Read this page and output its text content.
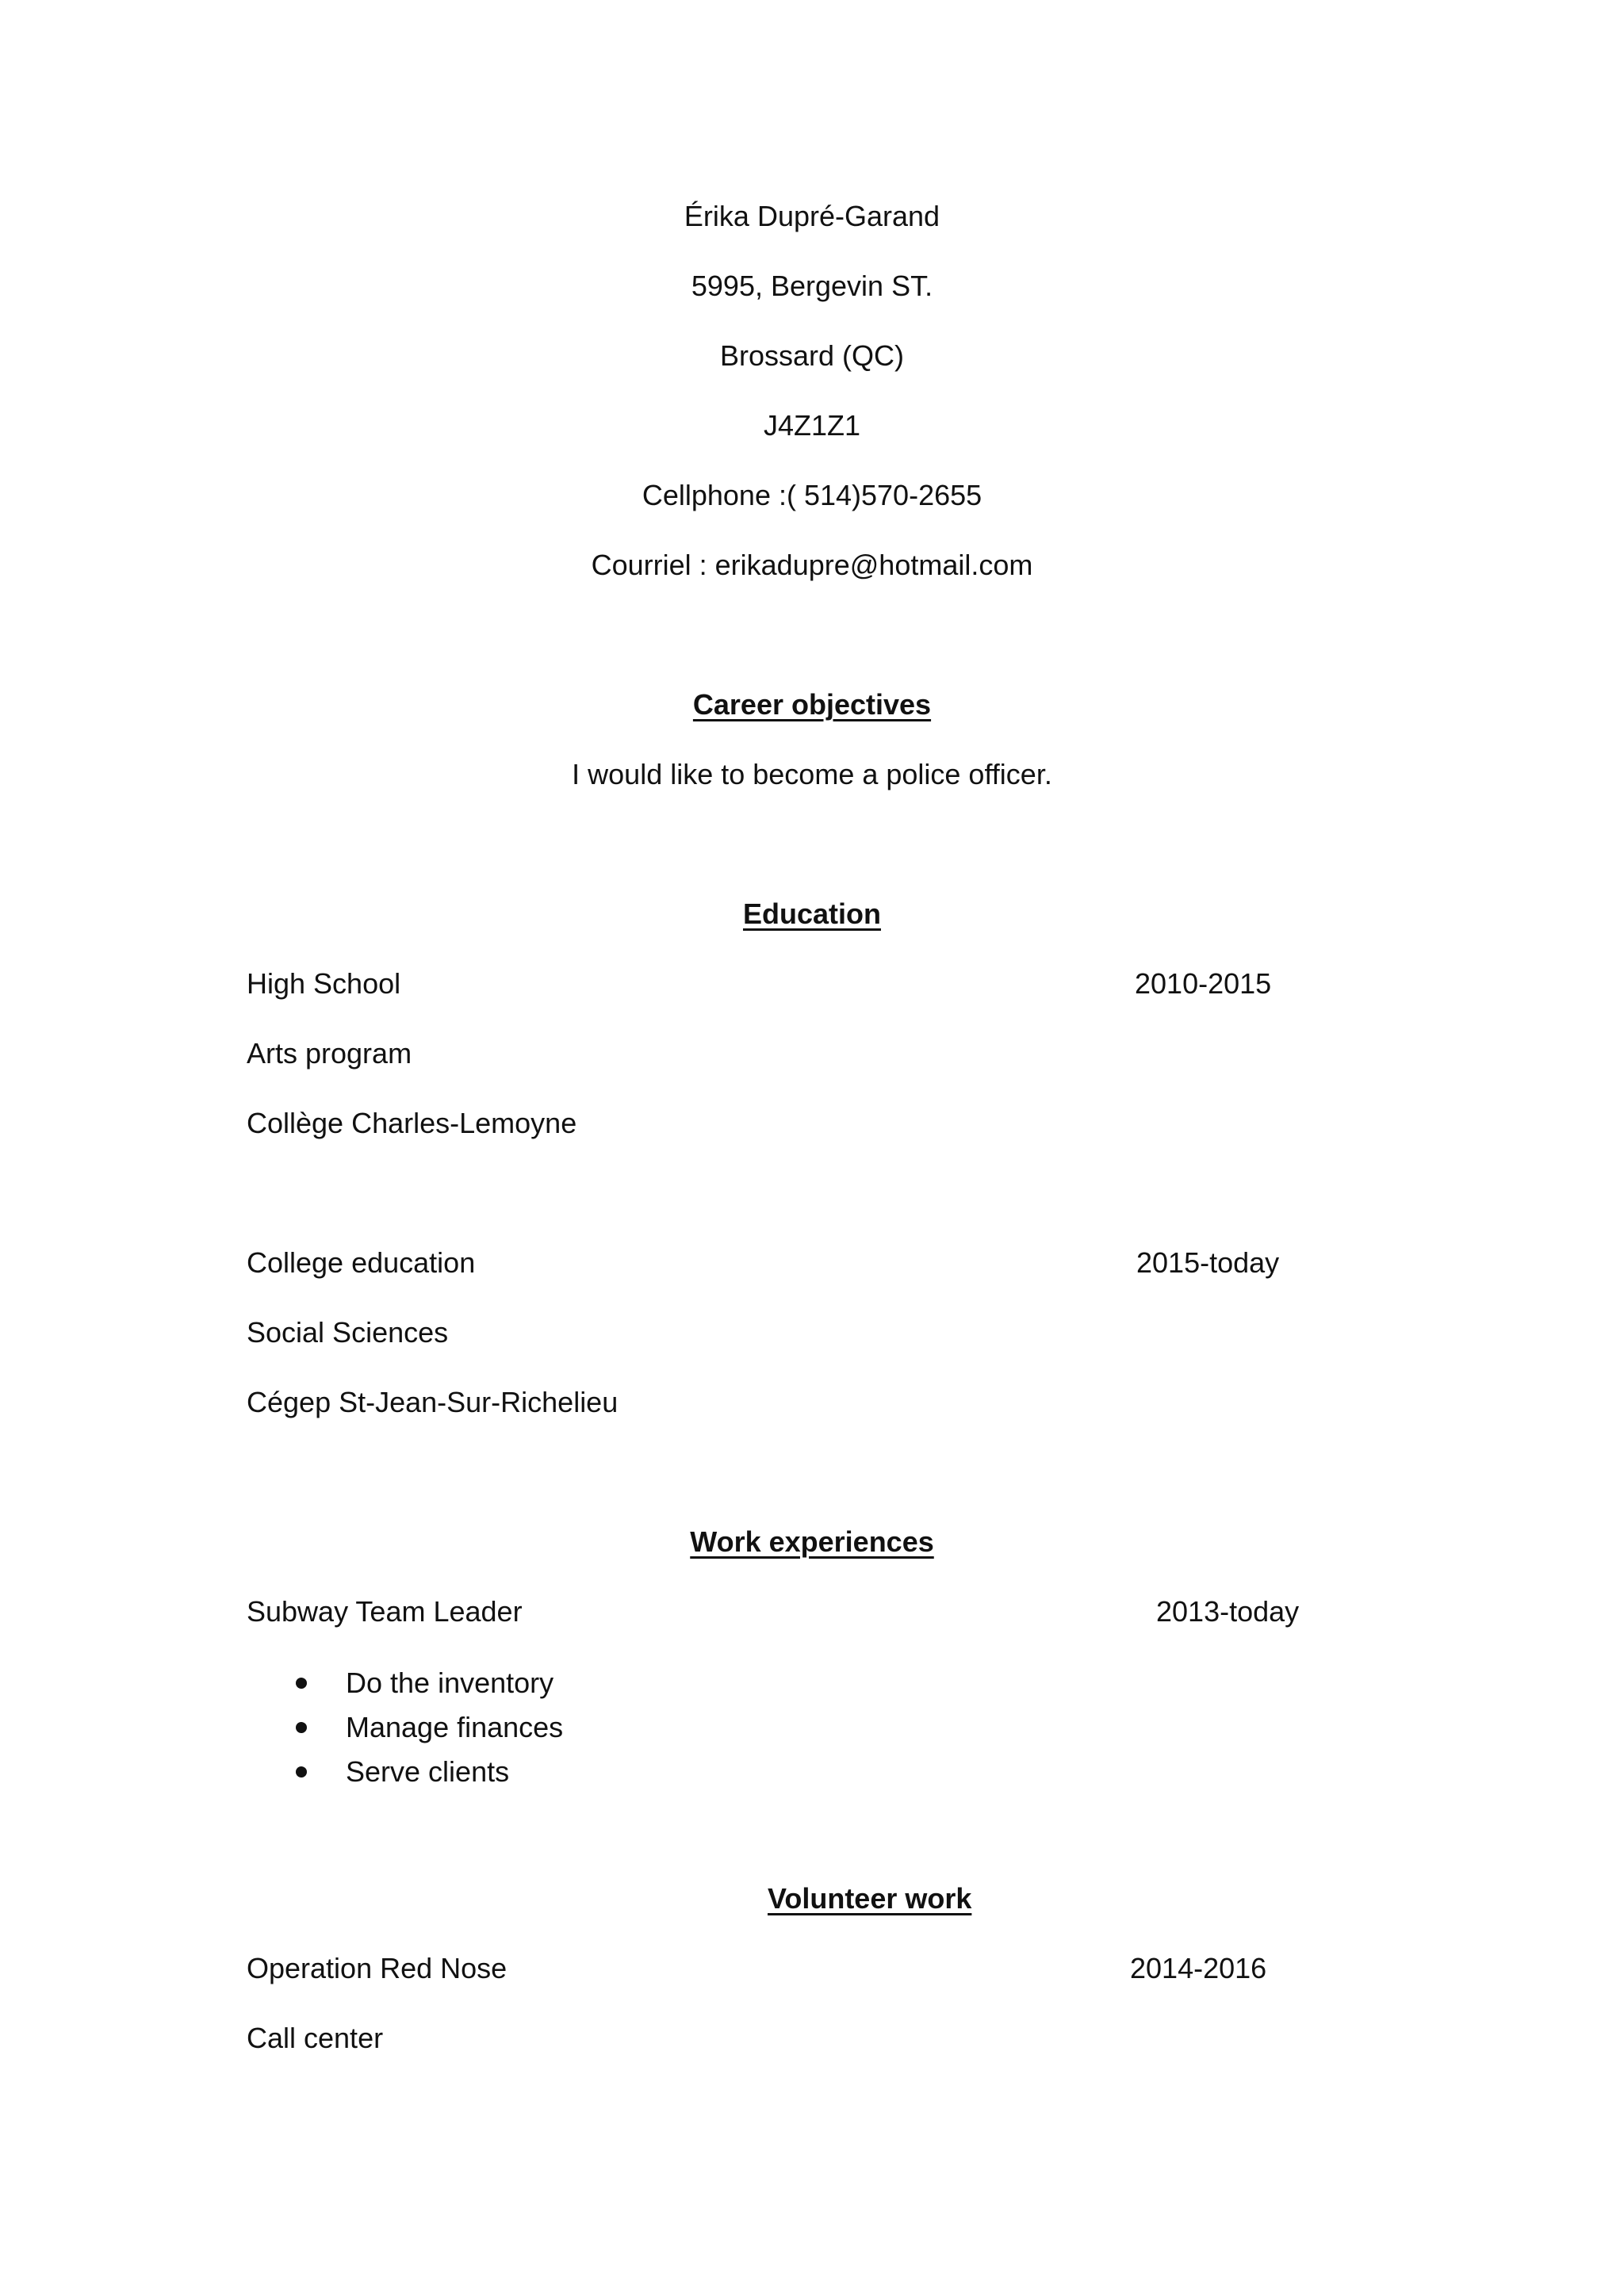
Érika Dupré-Garand
5995, Bergevin ST.
Brossard (QC)
J4Z1Z1
Cellphone :( 514)570-2655
Courriel : erikadupre@hotmail.com
Career objectives
I would like to become a police officer.
Education
High School	2010-2015
Arts program
Collège Charles-Lemoyne
College education	2015-today
Social Sciences
Cégep St-Jean-Sur-Richelieu
Work experiences
Subway Team Leader	2013-today
Do the inventory
Manage finances
Serve clients
Volunteer work
Operation Red Nose	2014-2016
Call center
